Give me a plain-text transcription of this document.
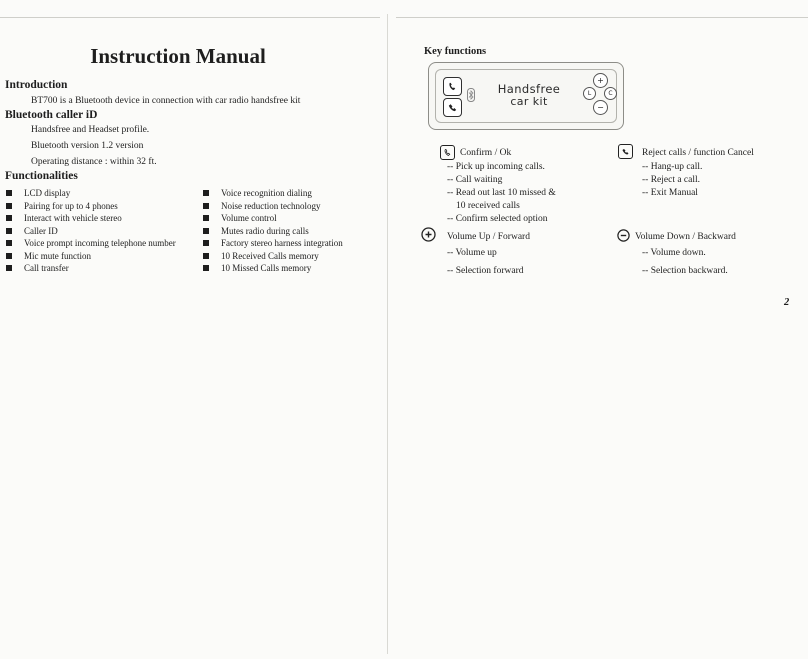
Instruction Manual
Introduction
BT700 is a Bluetooth device in connection with car radio handsfree kit
Bluetooth caller iD
Handsfree and Headset profile.
Bluetooth version 1.2 version
Operating distance : within 32 ft.
Functionalities
LCD display
Pairing for up to 4 phones
Interact with vehicle stereo
Caller ID
Voice prompt incoming telephone number
Mic mute function
Call transfer
Voice recognition dialing
Noise reduction technology
Volume control
Mutes radio during calls
Factory stereo harness integration
10 Received Calls memory
10 Missed Calls memory
Key functions
Handsfree
car kit
+
L	C
−
Confirm / Ok
-- Pick up incoming calls.
-- Call waiting
-- Read out last 10 missed &
10 received calls
-- Confirm selected option
Reject calls / function Cancel
-- Hang-up call.
-- Reject a call.
-- Exit Manual
Volume Up / Forward
-- Volume up
-- Selection forward
Volume Down / Backward
-- Volume down.
-- Selection backward.
2
